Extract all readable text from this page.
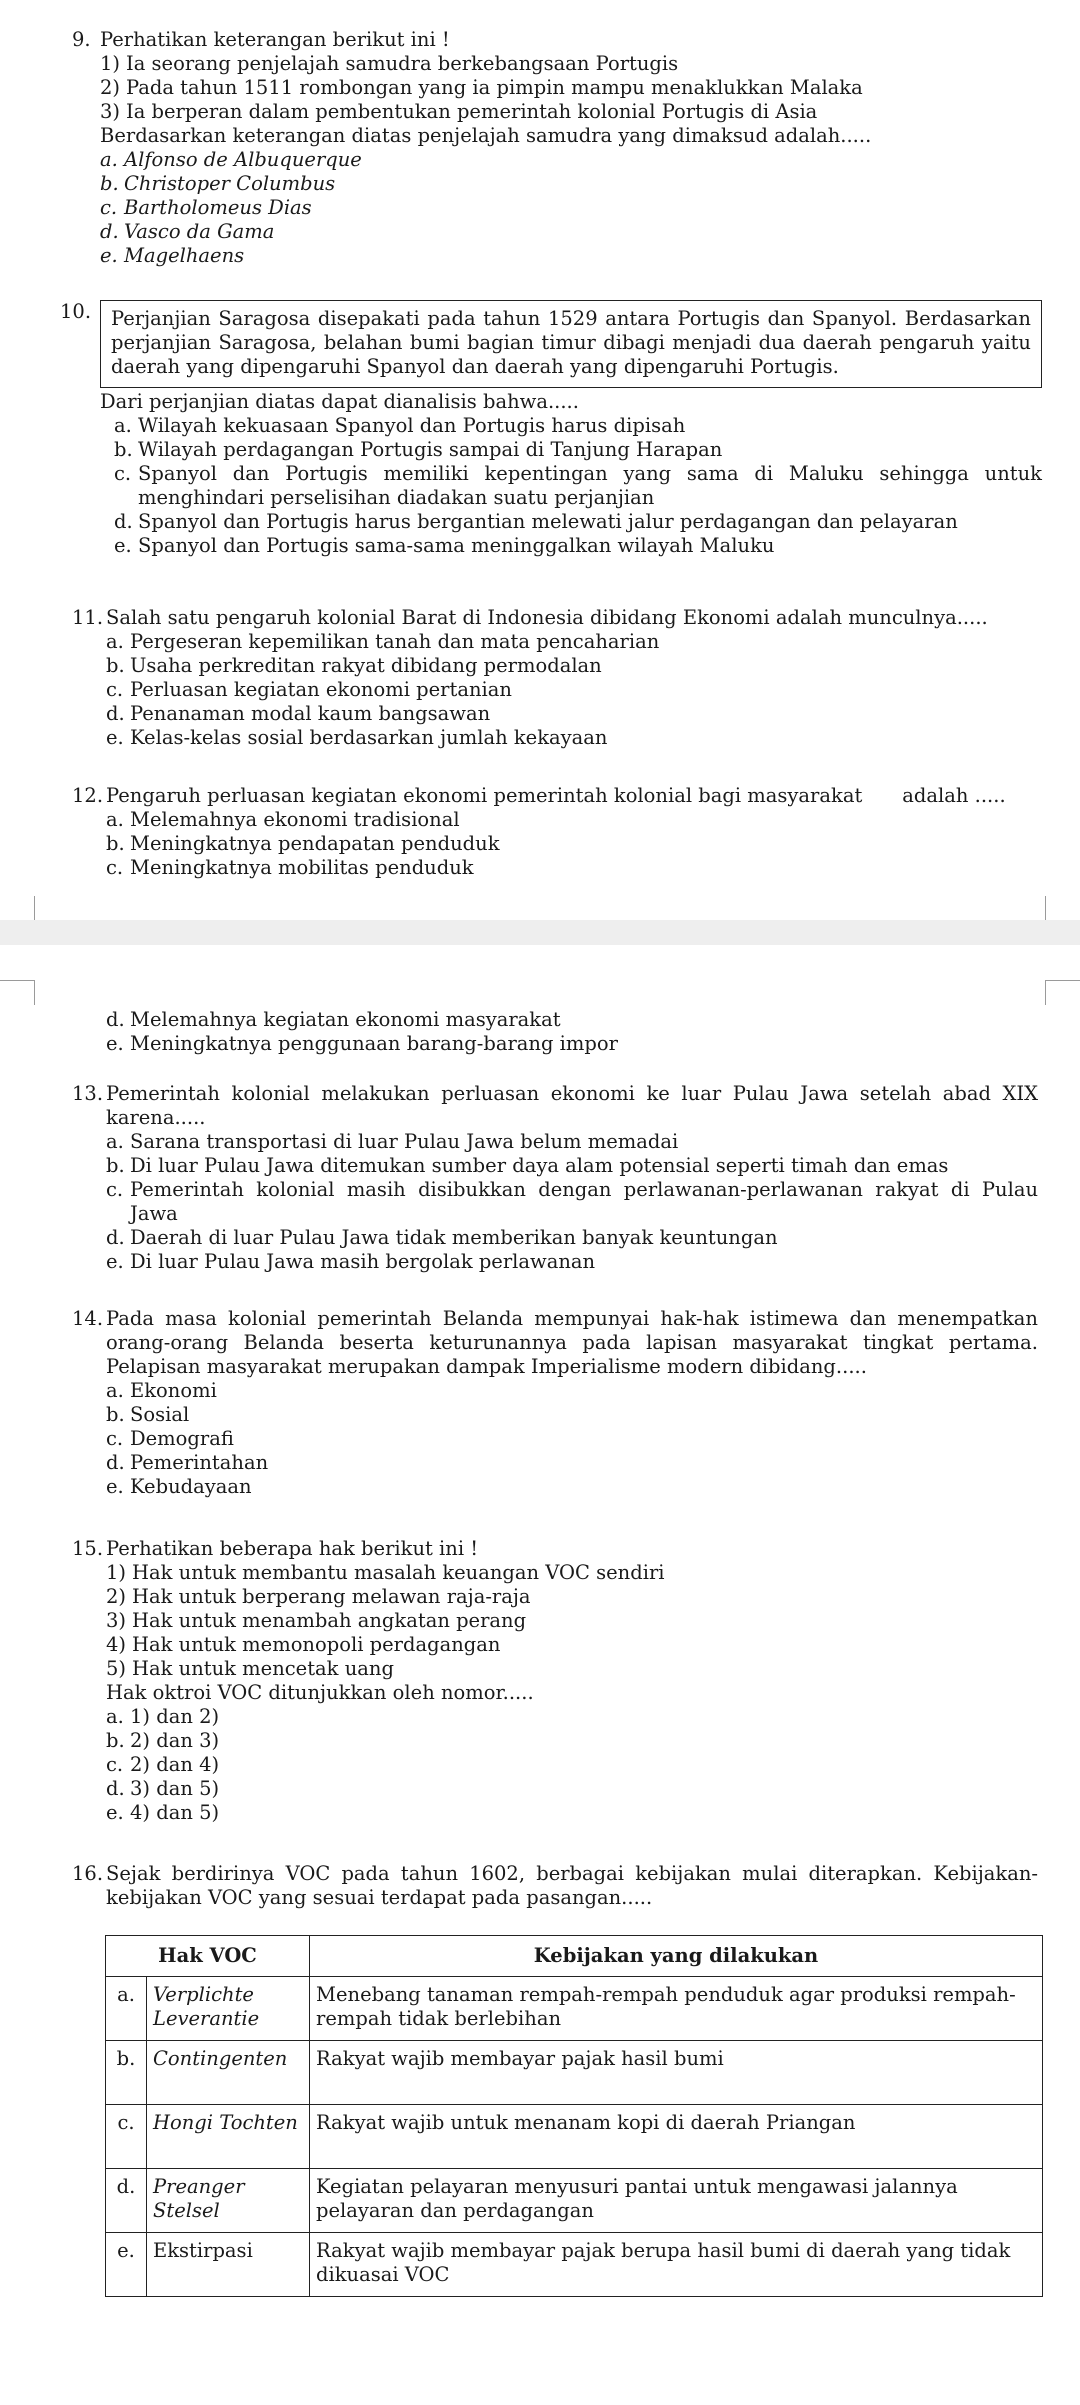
9. Perhatikan keterangan berikut ini !
1) Ia seorang penjelajah samudra berkebangsaan Portugis
2) Pada tahun 1511 rombongan yang ia pimpin mampu menaklukkan Malaka
3) Ia berperan dalam pembentukan pemerintah kolonial Portugis di Asia
Berdasarkan keterangan diatas penjelajah samudra yang dimaksud adalah.....
a. Alfonso de Albuquerque
b. Christoper Columbus
c. Bartholomeus Dias
d. Vasco da Gama
e. Magelhaens
10.	Perjanjian Saragosa disepakati pada tahun 1529 antara Portugis dan Spanyol. Berdasarkan perjanjian Saragosa, belahan bumi bagian timur dibagi menjadi dua daerah pengaruh yaitu daerah yang dipengaruhi Spanyol dan daerah yang dipengaruhi Portugis.
Dari perjanjian diatas dapat dianalisis bahwa.....
a. Wilayah kekuasaan Spanyol dan Portugis harus dipisah
b. Wilayah perdagangan Portugis sampai di Tanjung Harapan
c. Spanyol dan Portugis memiliki kepentingan yang sama di Maluku sehingga untuk menghindari perselisihan diadakan suatu perjanjian
d. Spanyol dan Portugis harus bergantian melewati jalur perdagangan dan pelayaran
e. Spanyol dan Portugis sama-sama meninggalkan wilayah Maluku
11. Salah satu pengaruh kolonial Barat di Indonesia dibidang Ekonomi adalah munculnya.....
a. Pergeseran kepemilikan tanah dan mata pencaharian
b. Usaha perkreditan rakyat dibidang permodalan
c. Perluasan kegiatan ekonomi pertanian
d. Penanaman modal kaum bangsawan
e. Kelas-kelas sosial berdasarkan jumlah kekayaan
12. Pengaruh perluasan kegiatan ekonomi pemerintah kolonial bagi masyarakat adalah .....
a. Melemahnya ekonomi tradisional
b. Meningkatnya pendapatan penduduk
c. Meningkatnya mobilitas penduduk
d. Melemahnya kegiatan ekonomi masyarakat
e. Meningkatnya penggunaan barang-barang impor
13. Pemerintah kolonial melakukan perluasan ekonomi ke luar Pulau Jawa setelah abad XIX karena.....
a. Sarana transportasi di luar Pulau Jawa belum memadai
b. Di luar Pulau Jawa ditemukan sumber daya alam potensial seperti timah dan emas
c. Pemerintah kolonial masih disibukkan dengan perlawanan-perlawanan rakyat di Pulau Jawa
d. Daerah di luar Pulau Jawa tidak memberikan banyak keuntungan
e. Di luar Pulau Jawa masih bergolak perlawanan
14. Pada masa kolonial pemerintah Belanda mempunyai hak-hak istimewa dan menempatkan orang-orang Belanda beserta keturunannya pada lapisan masyarakat tingkat pertama. Pelapisan masyarakat merupakan dampak Imperialisme modern dibidang.....
a. Ekonomi
b. Sosial
c. Demografi
d. Pemerintahan
e. Kebudayaan
15. Perhatikan beberapa hak berikut ini !
1) Hak untuk membantu masalah keuangan VOC sendiri
2) Hak untuk berperang melawan raja-raja
3) Hak untuk menambah angkatan perang
4) Hak untuk memonopoli perdagangan
5) Hak untuk mencetak uang
Hak oktroi VOC ditunjukkan oleh nomor.....
a. 1) dan 2)
b. 2) dan 3)
c. 2) dan 4)
d. 3) dan 5)
e. 4) dan 5)
16. Sejak berdirinya VOC pada tahun 1602, berbagai kebijakan mulai diterapkan. Kebijakan-kebijakan VOC yang sesuai terdapat pada pasangan.....
Hak VOC		Kebijakan yang dilakukan
a.	Verplichte Leverantie	Menebang tanaman rempah-rempah penduduk agar produksi rempah-rempah tidak berlebihan
b.	Contingenten	Rakyat wajib membayar pajak hasil bumi
c.	Hongi Tochten	Rakyat wajib untuk menanam kopi di daerah Priangan
d.	Preanger Stelsel	Kegiatan pelayaran menyusuri pantai untuk mengawasi jalannya pelayaran dan perdagangan
e.	Ekstirpasi	Rakyat wajib membayar pajak berupa hasil bumi di daerah yang tidak dikuasai VOC
